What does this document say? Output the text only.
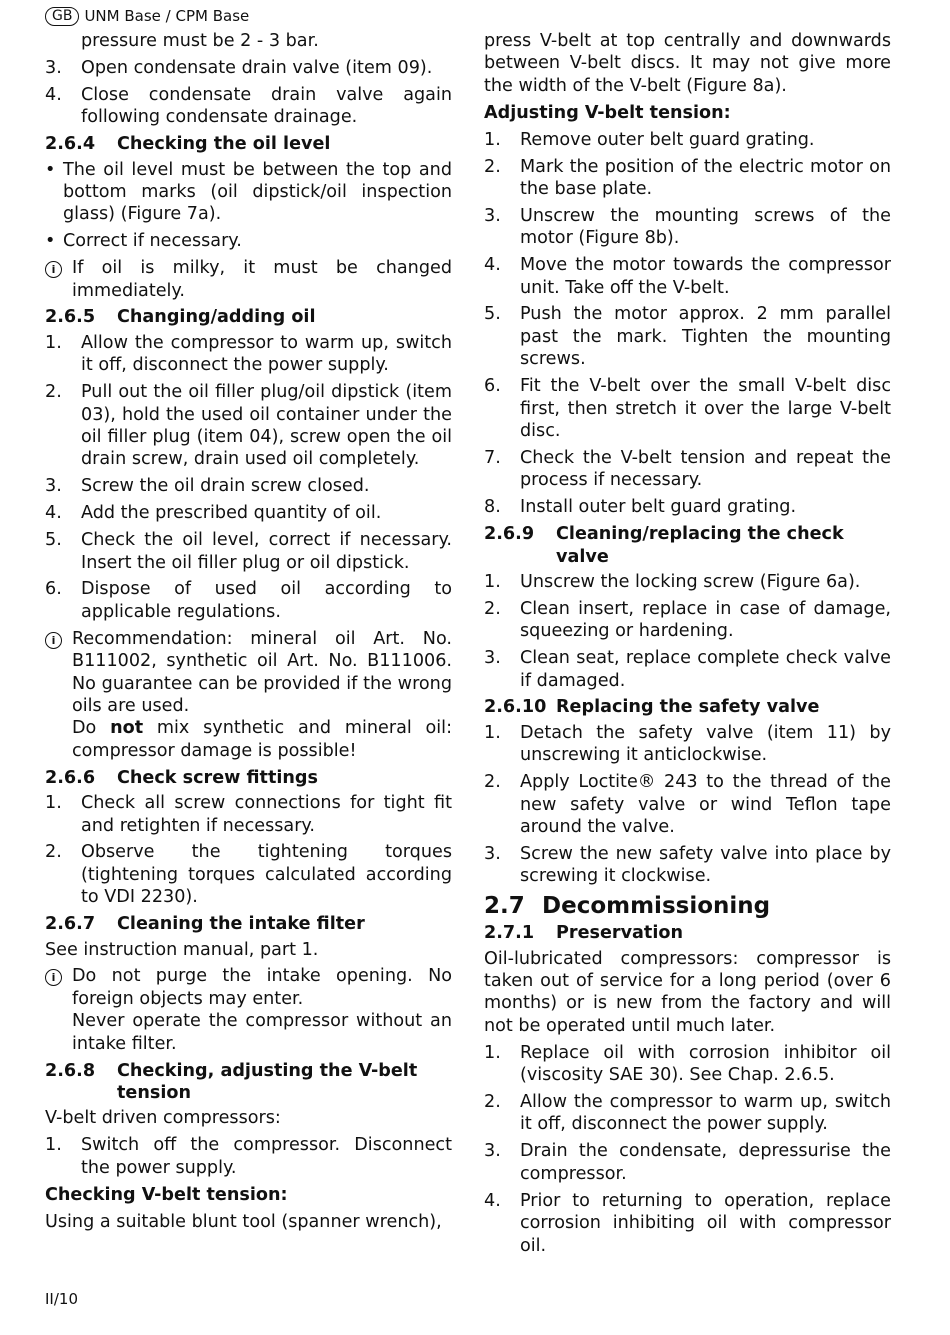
GB UNM Base / CPM Base
pressure must be 2 - 3 bar.
3.	Open condensate drain valve (item 09).
4.	Close condensate drain valve again following condensate drainage.
2.6.4	Checking the oil level
• The oil level must be between the top and bottom marks (oil dipstick/oil inspection glass) (Figure 7a).
• Correct if necessary.
i If oil is milky, it must be changed immediately.
2.6.5	Changing/adding oil
1.	Allow the compressor to warm up, switch it off, disconnect the power supply.
2.	Pull out the oil filler plug/oil dipstick (item 03), hold the used oil container under the oil filler plug (item 04), screw open the oil drain screw, drain used oil completely.
3.	Screw the oil drain screw closed.
4.	Add the prescribed quantity of oil.
5.	Check the oil level, correct if necessary. Insert the oil filler plug or oil dipstick.
6.	Dispose of used oil according to applicable regulations.
i Recommendation: mineral oil Art. No. B111002, synthetic oil Art. No. B111006. No guarantee can be provided if the wrong oils are used.
Do not mix synthetic and mineral oil: compressor damage is possible!
2.6.6	Check screw fittings
1.	Check all screw connections for tight fit and retighten if necessary.
2.	Observe the tightening torques (tightening torques calculated according to VDI 2230).
2.6.7	Cleaning the intake filter
See instruction manual, part 1.
i Do not purge the intake opening. No foreign objects may enter.
Never operate the compressor without an intake filter.
2.6.8	Checking, adjusting the V-belt tension
V-belt driven compressors:
1.	Switch off the compressor. Disconnect the power supply.
Checking V-belt tension:
Using a suitable blunt tool (spanner wrench),
press V-belt at top centrally and downwards between V-belt discs. It may not give more the width of the V-belt (Figure 8a).
Adjusting V-belt tension:
1.	Remove outer belt guard grating.
2.	Mark the position of the electric motor on the base plate.
3.	Unscrew the mounting screws of the motor (Figure 8b).
4.	Move the motor towards the compressor unit. Take off the V-belt.
5.	Push the motor approx. 2 mm parallel past the mark. Tighten the mounting screws.
6.	Fit the V-belt over the small V-belt disc first, then stretch it over the large V-belt disc.
7.	Check the V-belt tension and repeat the process if necessary.
8.	Install outer belt guard grating.
2.6.9	Cleaning/replacing the check valve
1.	Unscrew the locking screw (Figure 6a).
2.	Clean insert, replace in case of damage, squeezing or hardening.
3.	Clean seat, replace complete check valve if damaged.
2.6.10 Replacing the safety valve
1.	Detach the safety valve (item 11) by unscrewing it anticlockwise.
2.	Apply Loctite® 243 to the thread of the new safety valve or wind Teflon tape around the valve.
3.	Screw the new safety valve into place by screwing it clockwise.
2.7 Decommissioning
2.7.1	Preservation
Oil-lubricated compressors: compressor is taken out of service for a long period (over 6 months) or is new from the factory and will not be operated until much later.
1.	Replace oil with corrosion inhibitor oil (viscosity SAE 30). See Chap. 2.6.5.
2.	Allow the compressor to warm up, switch it off, disconnect the power supply.
3.	Drain the condensate, depressurise the compressor.
4.	Prior to returning to operation, replace corrosion inhibiting oil with compressor oil.
II/10
